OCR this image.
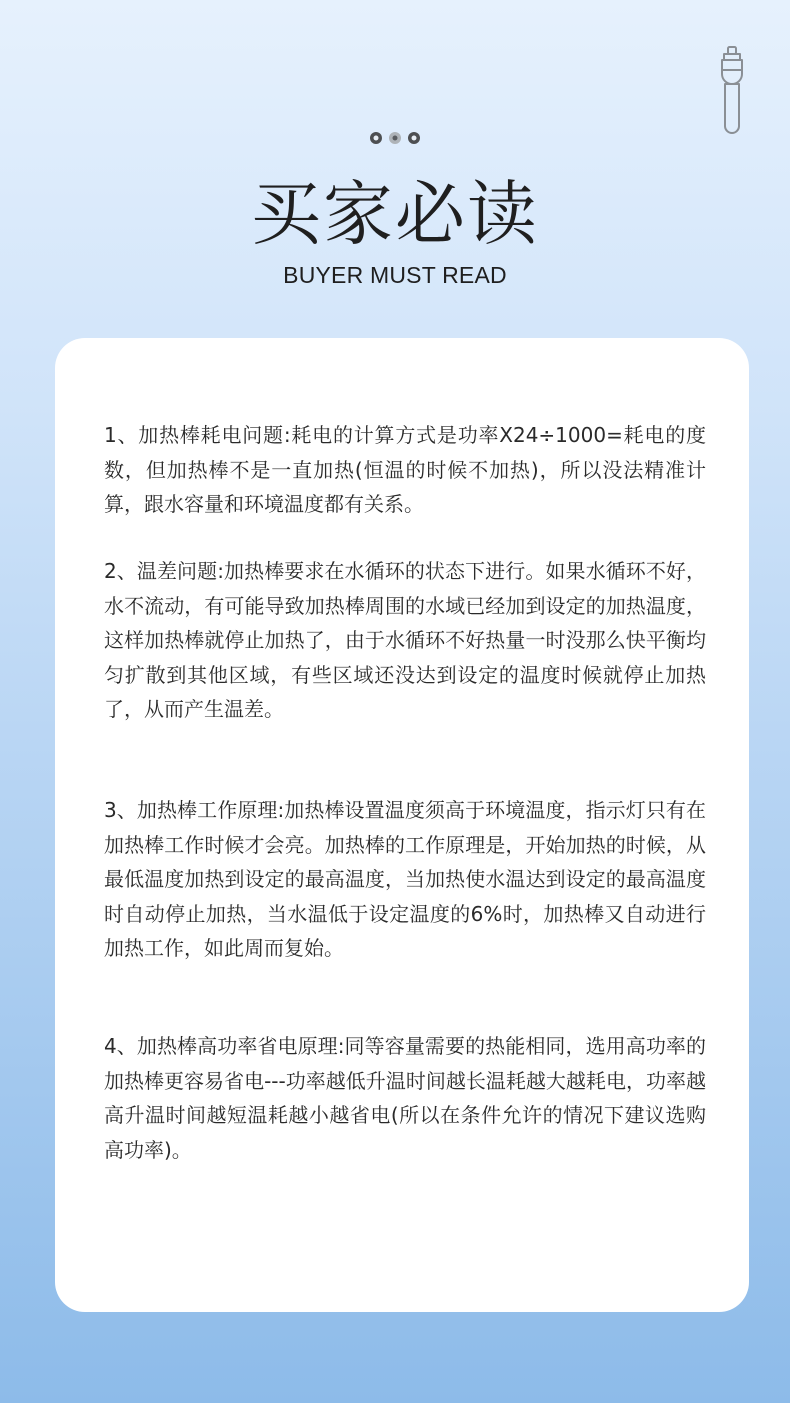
买家必读
BUYER MUST READ

1、加热棒耗电问题:耗电的计算方式是功率X24÷1000=耗电的度数，但加热棒不是一直加热(恒温的时候不加热)，所以没法精准计算，跟水容量和环境温度都有关系。

2、温差问题:加热棒要求在水循环的状态下进行。如果水循环不好，水不流动，有可能导致加热棒周围的水域已经加到设定的加热温度，这样加热棒就停止加热了，由于水循环不好热量一时没那么快平衡均匀扩散到其他区域，有些区域还没达到设定的温度时候就停止加热了，从而产生温差。

3、加热棒工作原理:加热棒设置温度须高于环境温度，指示灯只有在加热棒工作时候才会亮。加热棒的工作原理是，开始加热的时候，从最低温度加热到设定的最高温度，当加热使水温达到设定的最高温度时自动停止加热，当水温低于设定温度的6%时，加热棒又自动进行加热工作，如此周而复始。

4、加热棒高功率省电原理:同等容量需要的热能相同，选用高功率的加热棒更容易省电---功率越低升温时间越长温耗越大越耗电，功率越高升温时间越短温耗越小越省电(所以在条件允许的情况下建议选购高功率)。
